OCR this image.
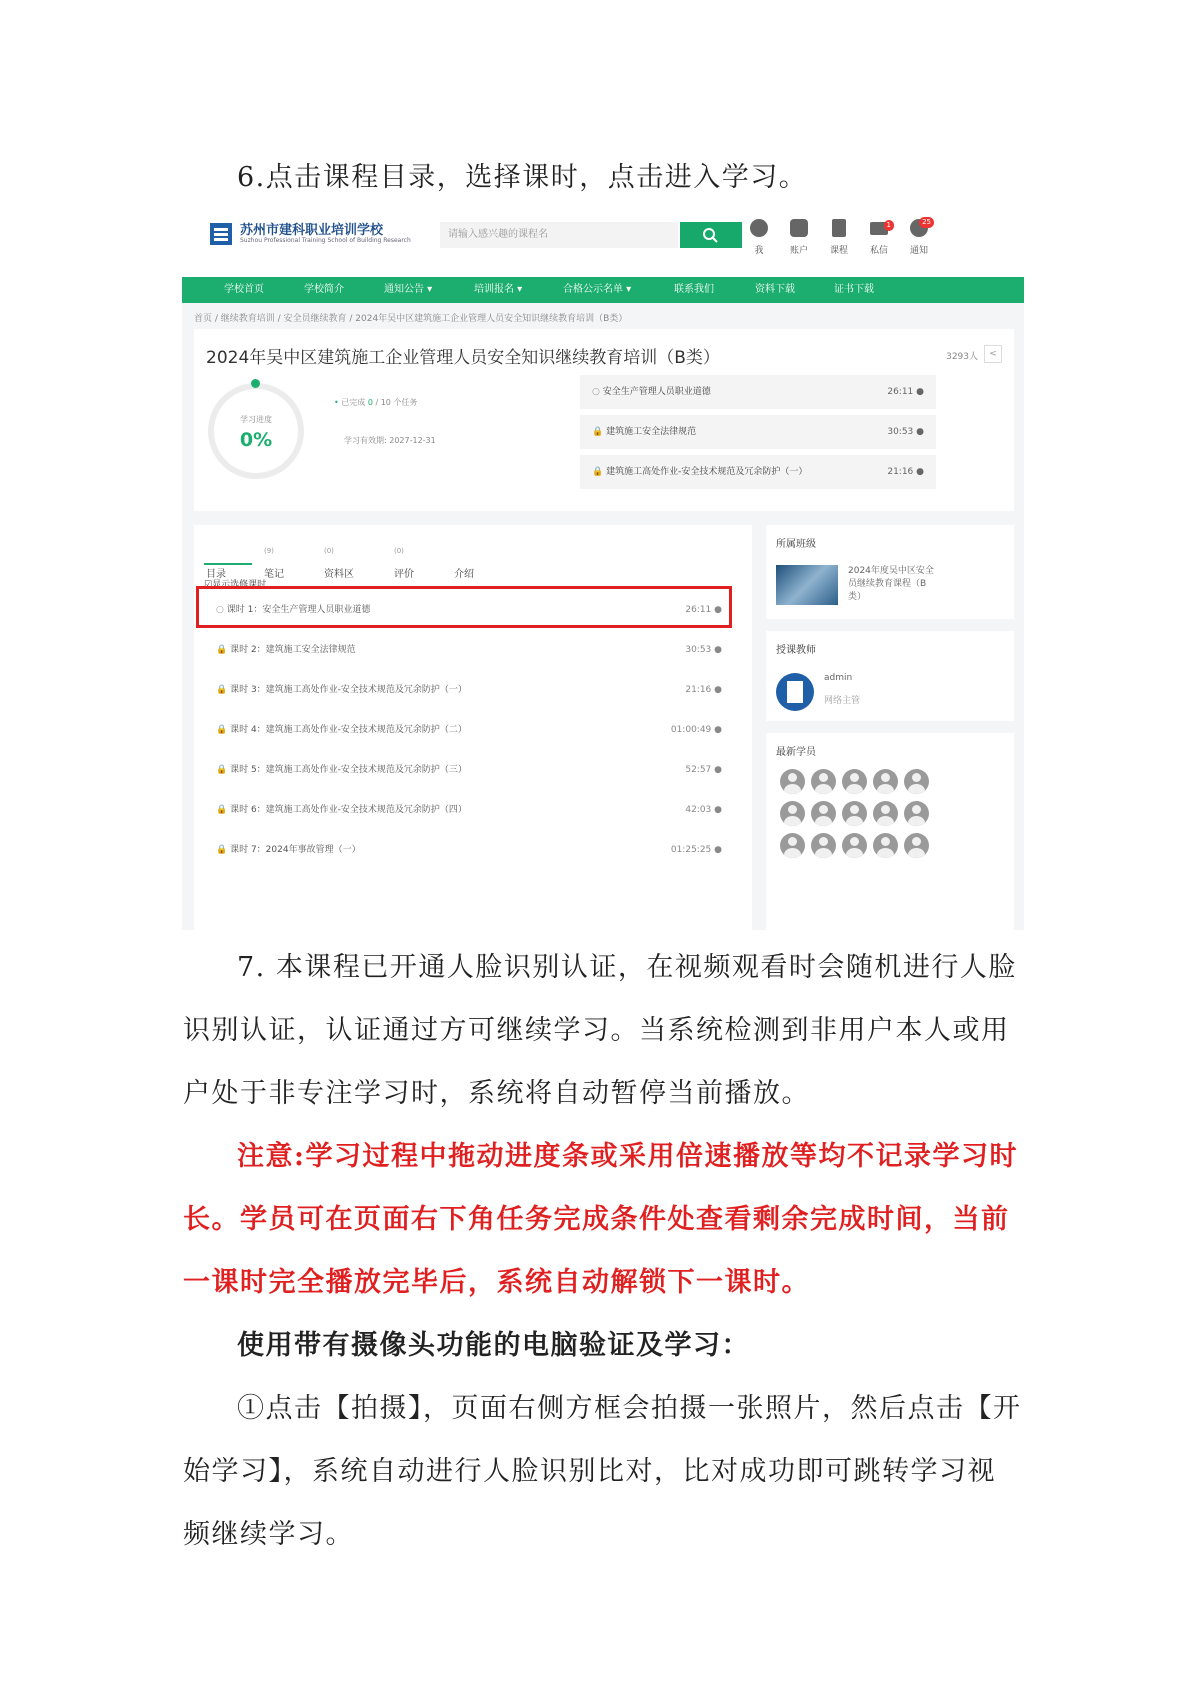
6.点击课程目录，选择课时，点击进入学习。

苏州市建科职业培训学校
Suzhou Professional Training School of Building Research
请输入感兴趣的课程名
我	账户	课程
1
私信
25
通知
学校首页	学校简介	通知公告 ▾	培训报名 ▾	合格公示名单 ▾	联系我们	资料下载	证书下载
首页 / 继续教育培训 / 安全员继续教育 / 2024年吴中区建筑施工企业管理人员安全知识继续教育培训（B类）
2024年吴中区建筑施工企业管理人员安全知识继续教育培训（B类）	3293人	<
学习进度
0%
• 已完成 0 / 10 个任务
学习有效期: 2027-12-31
○ 安全生产管理人员职业道德	26:11 ●
🔒 建筑施工安全法律规范	30:53 ●
🔒 建筑施工高处作业-安全技术规范及冗余防护（一）	21:16 ●
目录	笔记
(9)
资料区
(0)
评价
(0)
介绍
☑显示选修课时
○ 课时 1：安全生产管理人员职业道德	26:11 ●
🔒 课时 2：建筑施工安全法律规范	30:53 ●
🔒 课时 3：建筑施工高处作业-安全技术规范及冗余防护（一）	21:16 ●
🔒 课时 4：建筑施工高处作业-安全技术规范及冗余防护（二）	01:00:49 ●
🔒 课时 5：建筑施工高处作业-安全技术规范及冗余防护（三）	52:57 ●
🔒 课时 6：建筑施工高处作业-安全技术规范及冗余防护（四）	42:03 ●
🔒 课时 7：2024年事故管理（一）	01:25:25 ●
所属班级
2024年度吴中区安全员继续教育课程（B类）
授课教师
admin
网络主管
最新学员

7. 本课程已开通人脸识别认证，在视频观看时会随机进行人脸识别认证，认证通过方可继续学习。当系统检测到非用户本人或用户处于非专注学习时，系统将自动暂停当前播放。

注意:学习过程中拖动进度条或采用倍速播放等均不记录学习时长。学员可在页面右下角任务完成条件处查看剩余完成时间，当前一课时完全播放完毕后，系统自动解锁下一课时。

使用带有摄像头功能的电脑验证及学习：

①点击【拍摄】，页面右侧方框会拍摄一张照片，然后点击【开始学习】，系统自动进行人脸识别比对，比对成功即可跳转学习视频继续学习。
